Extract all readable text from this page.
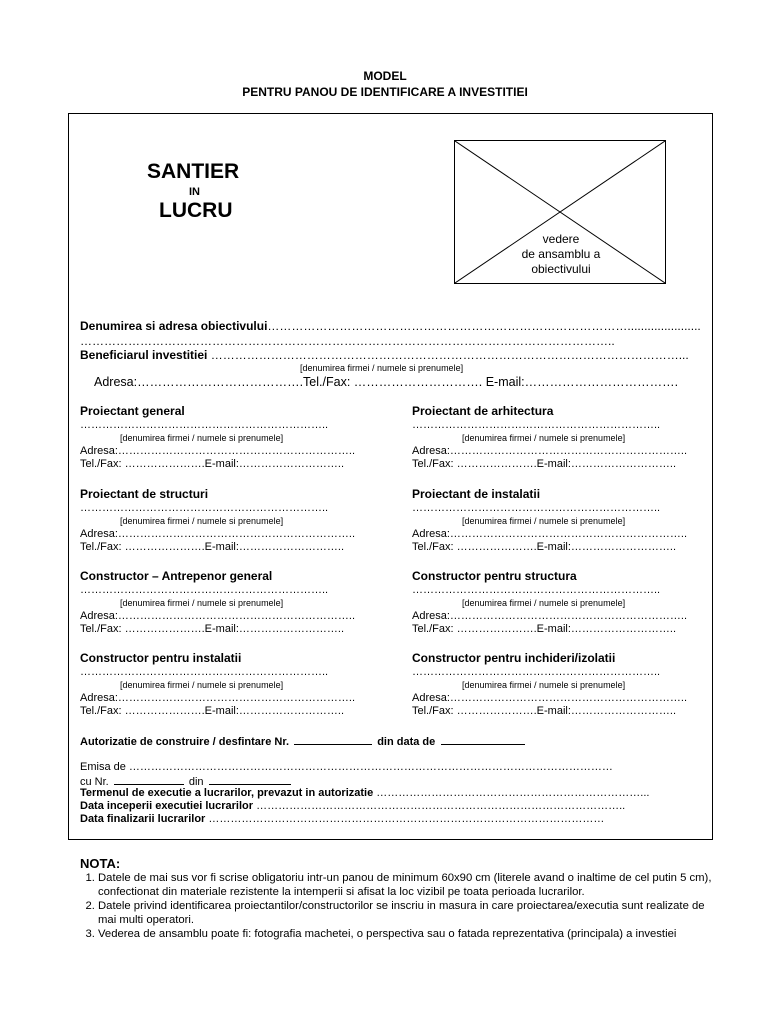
MODEL
PENTRU PANOU DE IDENTIFICARE A INVESTITIEI
SANTIER
IN
LUCRU
vedere
de ansamblu a
obiectivului
Denumirea si adresa obiectivului………………………………………………………………………………......................
……………………………………………………………………………………………………………………..
Beneficiarul investitiei ………………………………………………………………………………………………………...
[denumirea firmei / numele si prenumele]
Adresa:………………………………….Tel./Fax: …………………………. E-mail:……………………………….
Proiectant general
…………………………………………………………..
[denumirea firmei / numele si prenumele]
Adresa:………………………………………………………..
Tel./Fax: ………………….E-mail:………………………..
Proiectant de structuri
…………………………………………………………..
[denumirea firmei / numele si prenumele]
Adresa:………………………………………………………..
Tel./Fax: ………………….E-mail:………………………..
Constructor – Antrepenor general
…………………………………………………………..
[denumirea firmei / numele si prenumele]
Adresa:………………………………………………………..
Tel./Fax: ………………….E-mail:………………………..
Constructor pentru instalatii
…………………………………………………………..
[denumirea firmei / numele si prenumele]
Adresa:………………………………………………………..
Tel./Fax: ………………….E-mail:………………………..
Proiectant de arhitectura
…………………………………………………………..
[denumirea firmei / numele si prenumele]
Adresa:………………………………………………………..
Tel./Fax: ………………….E-mail:………………………..
Proiectant de instalatii
…………………………………………………………..
[denumirea firmei / numele si prenumele]
Adresa:………………………………………………………..
Tel./Fax: ………………….E-mail:………………………..
Constructor pentru structura
…………………………………………………………..
[denumirea firmei / numele si prenumele]
Adresa:………………………………………………………..
Tel./Fax: ………………….E-mail:………………………..
Constructor pentru inchideri/izolatii
…………………………………………………………..
[denumirea firmei / numele si prenumele]
Adresa:………………………………………………………..
Tel./Fax: ………………….E-mail:………………………..
Autorizatie de construire / desfintare Nr.	din data de
Emisa de ……………………………………………………………………………………………………………………
cu Nr.	din
Termenul de executie a lucrarilor, prevazut in autorizatie ………………………………………………………………...
Data inceperii executiei lucrarilor ………………………………………………………………………………………..
Data finalizarii lucrarilor ………………………………………………………………………………………………
NOTA:
1. Datele de mai sus vor fi scrise obligatoriu intr-un panou de minimum 60x90 cm (literele avand o inaltime de cel putin 5 cm), confectionat din materiale rezistente la intemperii si afisat la loc vizibil pe toata perioada lucrarilor.
2. Datele privind identificarea proiectantilor/constructorilor se inscriu in masura in care proiectarea/executia sunt realizate de mai multi operatori.
3. Vederea de ansamblu poate fi: fotografia machetei, o perspectiva sau o fatada reprezentativa (principala) a investiei
